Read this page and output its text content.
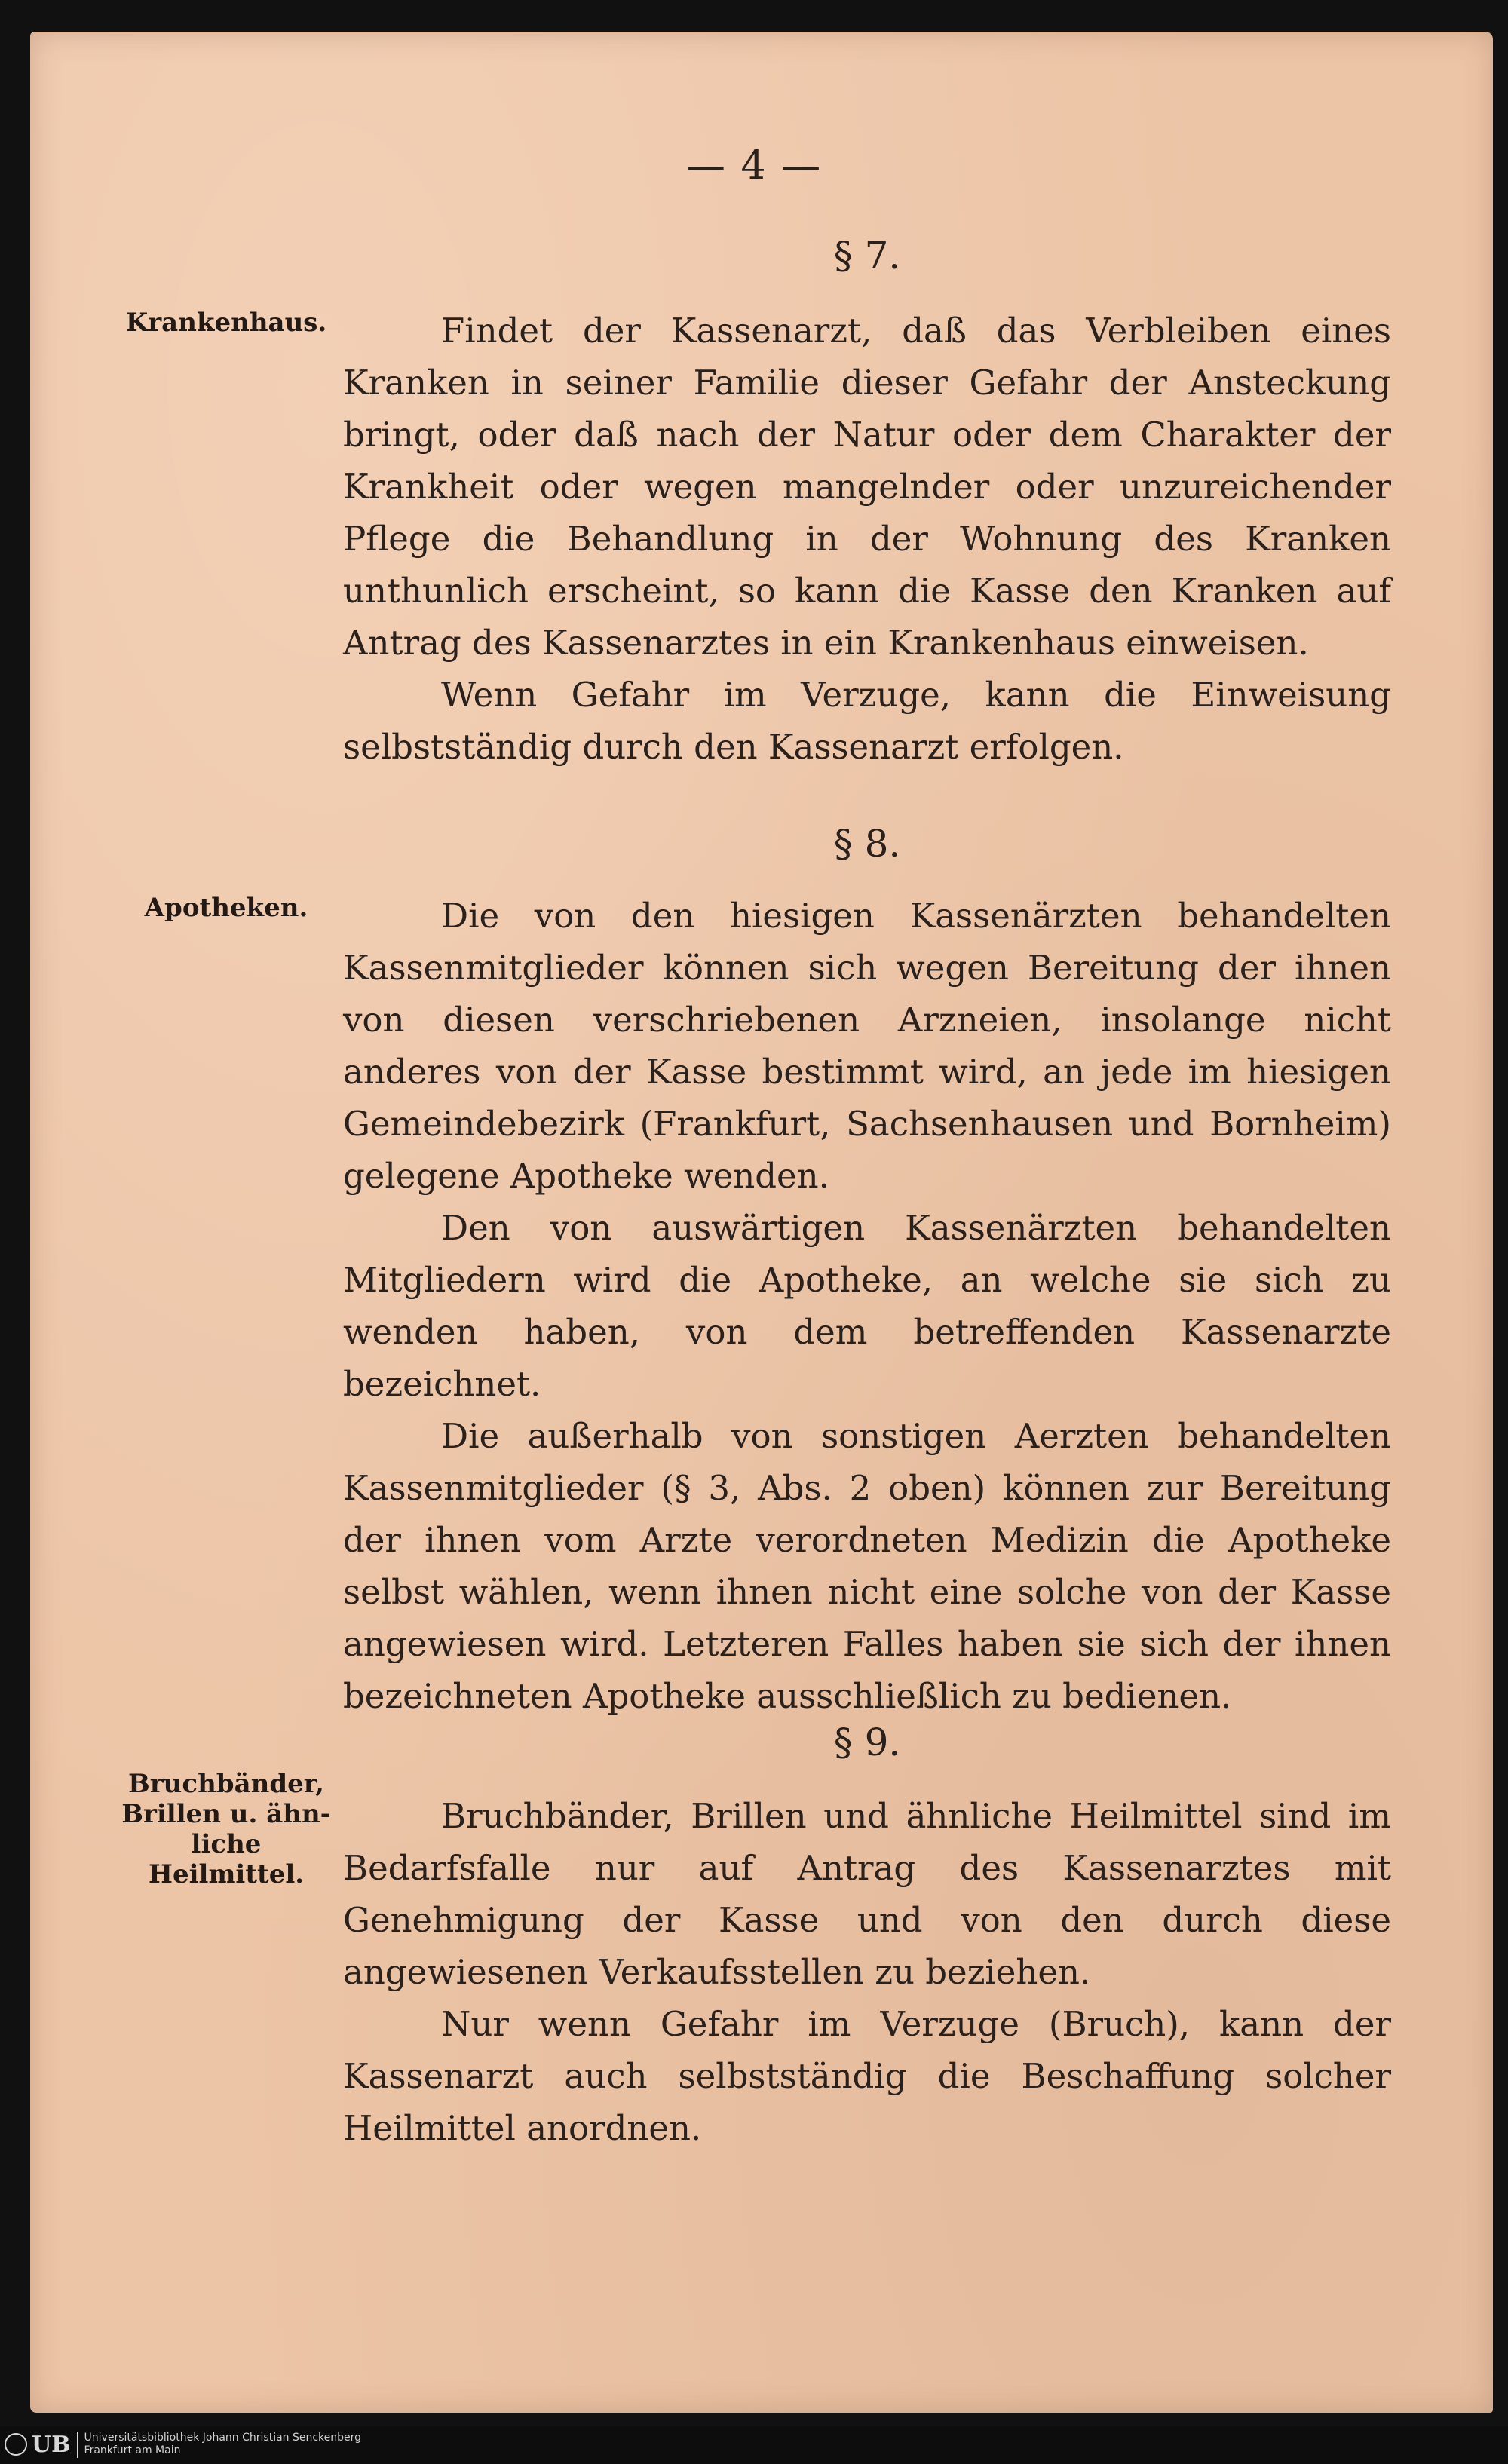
— 4 —
§ 7.
Krankenhaus.	Findet der Kassenarzt, daß das Verbleiben eines Kranken in seiner Familie dieser Gefahr der Ansteckung bringt, oder daß nach der Natur oder dem Charakter der Krankheit oder wegen mangelnder oder unzureichender Pflege die Behandlung in der Wohnung des Kranken unthunlich erscheint, so kann die Kasse den Kranken auf Antrag des Kassenarztes in ein Krankenhaus einweisen.

Wenn Gefahr im Verzuge, kann die Einweisung selbstständig durch den Kassenarzt erfolgen.

§ 8.
Apotheken.	Die von den hiesigen Kassenärzten behandelten Kassenmitglieder können sich wegen Bereitung der ihnen von diesen verschriebenen Arzneien, insolange nicht anderes von der Kasse bestimmt wird, an jede im hiesigen Gemeindebezirk (Frankfurt, Sachsenhausen und Bornheim) gelegene Apotheke wenden.

Den von auswärtigen Kassenärzten behandelten Mitgliedern wird die Apotheke, an welche sie sich zu wenden haben, von dem betreffenden Kassenarzte bezeichnet.

Die außerhalb von sonstigen Aerzten behandelten Kassenmitglieder (§ 3, Abs. 2 oben) können zur Bereitung der ihnen vom Arzte verordneten Medizin die Apotheke selbst wählen, wenn ihnen nicht eine solche von der Kasse angewiesen wird. Letzteren Falles haben sie sich der ihnen bezeichneten Apotheke ausschließlich zu bedienen.

§ 9.
Bruchbänder,
Brillen u. ähn-
liche Heilmittel.

Bruchbänder, Brillen und ähnliche Heilmittel sind im Bedarfsfalle nur auf Antrag des Kassenarztes mit Genehmigung der Kasse und von den durch diese angewiesenen Verkaufsstellen zu beziehen.

Nur wenn Gefahr im Verzuge (Bruch), kann der Kassenarzt auch selbstständig die Beschaffung solcher Heilmittel anordnen.

UB	Universitätsbibliothek Johann Christian Senckenberg
Frankfurt am Main
